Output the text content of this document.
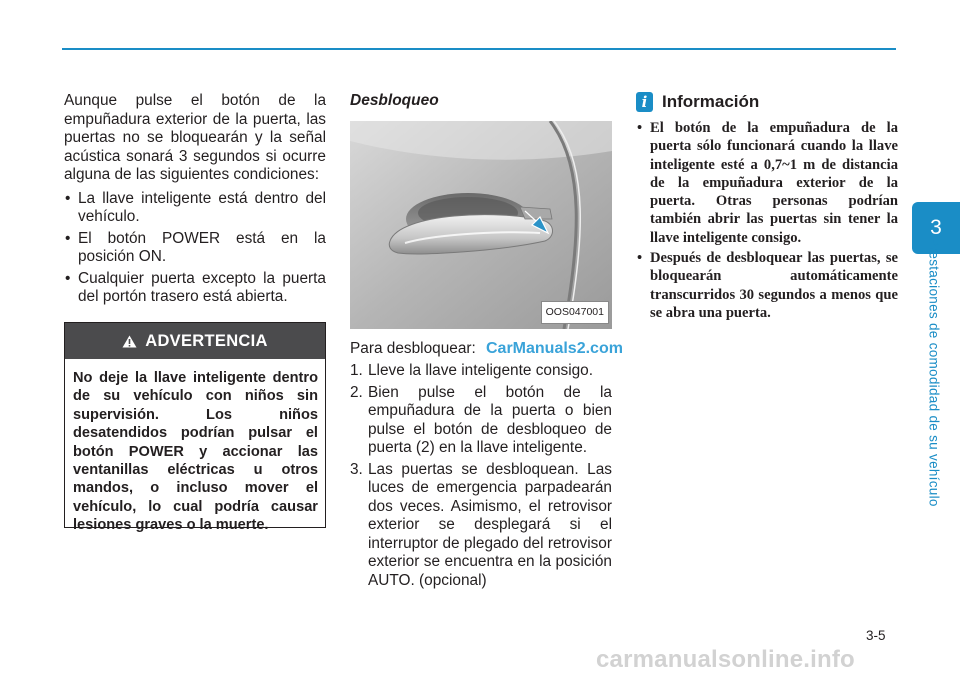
3
Prestaciones de comodidad de su vehículo

Aunque pulse el botón de la empuñadura exterior de la puerta, las puertas no se bloquearán y la señal acústica sonará 3 segundos si ocurre alguna de las siguientes condiciones:

• La llave inteligente está dentro del vehículo.
• El botón POWER está en la posición ON.
• Cualquier puerta excepto la puerta del portón trasero está abierta.
ADVERTENCIA
No deje la llave inteligente dentro de su vehículo con niños sin supervisión. Los niños desatendidos podrían pulsar el botón POWER y accionar las ventanillas eléctricas u otros mandos, o incluso mover el vehículo, lo cual podría causar lesiones graves o la muerte.
Desbloqueo
OOS047001

Para desbloquear:

1. Lleve la llave inteligente consigo.
2. Bien pulse el botón de la empuñadura de la puerta o bien pulse el botón de desbloqueo de puerta (2) en la llave inteligente.
3. Las puertas se desbloquean. Las luces de emergencia parpadearán dos veces. Asimismo, el retrovisor exterior se desplegará si el interruptor de plegado del retrovisor exterior se encuentra en la posición AUTO. (opcional)
i Información
• El botón de la empuñadura de la puerta sólo funcionará cuando la llave inteligente esté a 0,7~1 m de distancia de la empuñadura exterior de la puerta. Otras personas podrían también abrir las puertas sin tener la llave inteligente consigo.
• Después de desbloquear las puertas, se bloquearán automáticamente transcurridos 30 segundos a menos que se abra una puerta.
CarManuals2.com
3-5
carmanualsonline.info
